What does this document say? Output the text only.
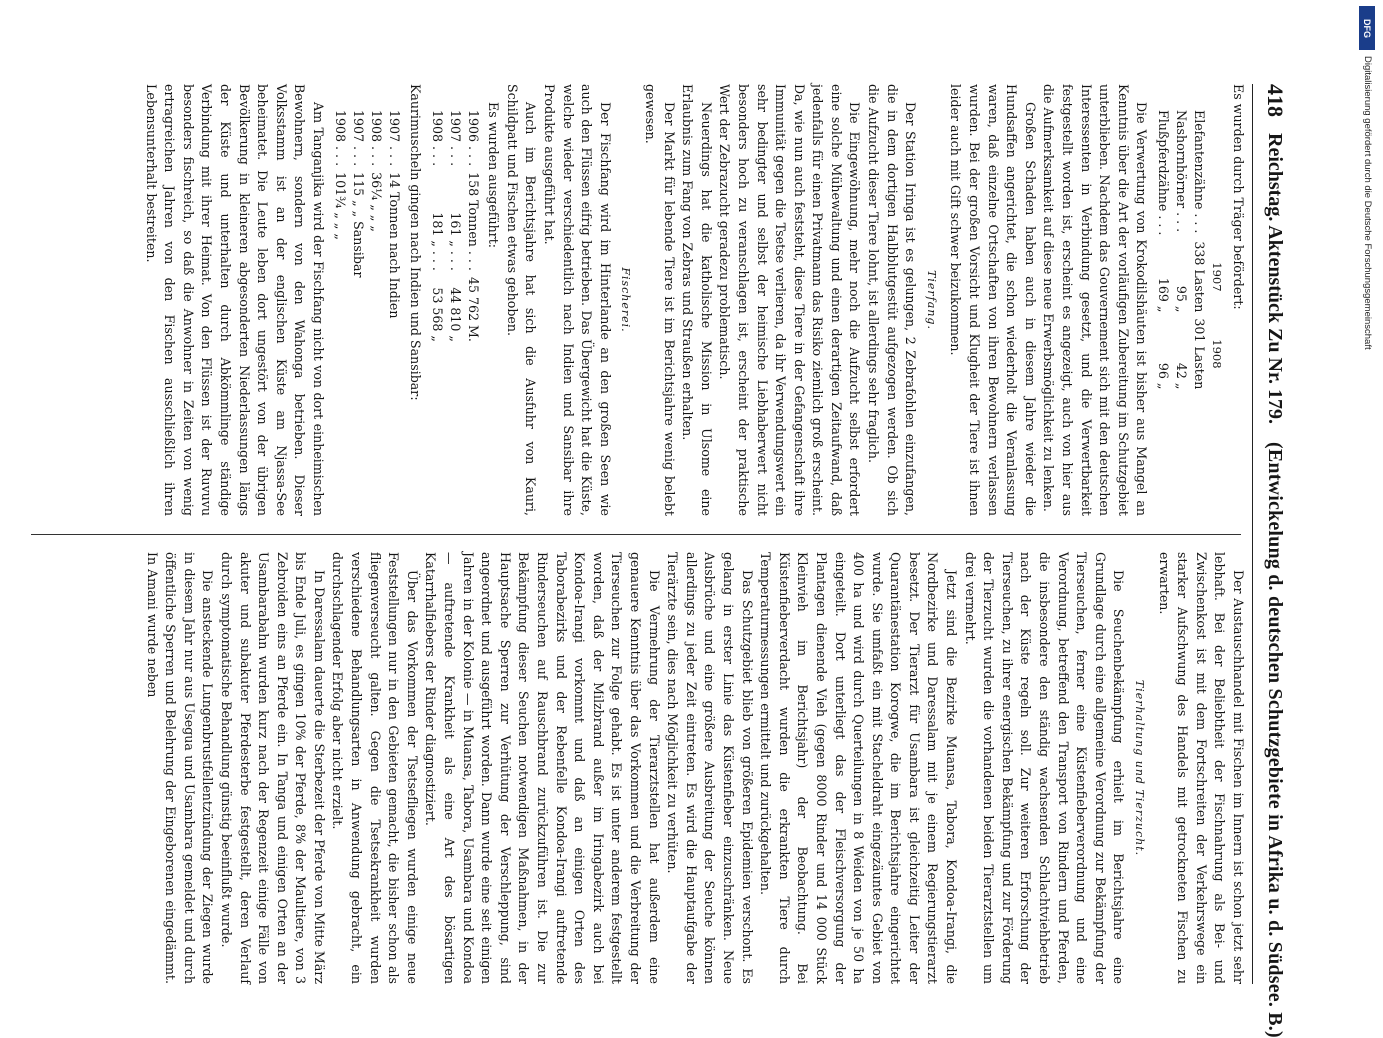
DFG
Digitalisierung gefördert durch die Deutsche Forschungsgemeinschaft
418
Reichstag. Aktenstück Zu Nr. 179.
(Entwickelung d. deutschen Schutzgebiete in Afrika u. d. Südsee. B.)

Es wurden durch Träger befördert:

	1907	1908
Elefantenzähne . . .	338 Lasten	301 Lasten
Nashornhörner . . .	95 „	42 „
Flußpferdzähne . . .	169 „	96 „

Die Verwertung von Krokodilshäuten ist bisher aus Mangel an Kenntnis über die Art der vorläufigen Zubereitung im Schutzgebiet unterblieben. Nachdem das Gouvernement sich mit den deutschen Interessenten in Verbindung gesetzt, und die Verwertbarkeit festgestellt worden ist, erscheint es angezeigt, auch von hier aus die Aufmerksamkeit auf diese neue Erwerbsmöglichkeit zu lenken.

Großen Schaden haben auch in diesem Jahre wieder die Hundsaffen angerichtet, die schon wiederholt die Veranlassung waren, daß einzelne Ortschaften von ihren Bewohnern verlassen wurden. Bei der großen Vorsicht und Klugheit der Tiere ist ihnen leider auch mit Gift schwer beizukommen.

Tierfang.

Der Station Iringa ist es gelungen, 2 Zebrafohlen einzufangen, die in dem dortigen Halbblutgestüt aufgezogen werden. Ob sich die Aufzucht dieser Tiere lohnt, ist allerdings sehr fraglich.

Die Eingewöhnung, mehr noch die Aufzucht selbst erfordert eine solche Mühewaltung und einen derartigen Zeitaufwand, daß jedenfalls für einen Privatmann das Risiko ziemlich groß erscheint. Da, wie nun auch feststeht, diese Tiere in der Gefangenschaft ihre Immunität gegen die Tsetse verlieren, da ihr Verwendungswert ein sehr bedingter und selbst der heimische Liebhaberwert nicht besonders hoch zu veranschlagen ist, erscheint der praktische Wert der Zebrazucht geradezu problematisch.

Neuerdings hat die katholische Mission in Ulsome eine Erlaubnis zum Fang von Zebras und Straußen erhalten.

Der Markt für lebende Tiere ist im Berichtsjahre wenig belebt gewesen.

Fischerei.

Der Fischfang wird im Hinterlande an den großen Seen wie auch den Flüssen eifrig betrieben. Das Übergewicht hat die Küste, welche wieder verschiedentlich nach Indien und Sansibar ihre Produkte ausgeführt hat.

Auch im Berichtsjahre hat sich die Ausfuhr von Kauri, Schildpatt und Fischen etwas gehoben.

Es wurden ausgeführt:

1906 . . .	158 Tonnen . . .	45 762 M.
1907 . . .	161 „ . . .	44 810 „
1908 . . .	181 „ . . .	53 568 „

Kaurimuscheln gingen nach Indien und Sansibar:

1907 . . .	14 Tonnen nach Indien
1908 . . .	36¼ „ „ „
1907 . . .	115 „ „ Sansibar
1908 . . .	101¾ „ „ „

Am Tanganjika wird der Fischfang nicht von dort einheimischen Bewohnern, sondern von den Wahonga betrieben. Dieser Volksstamm ist an der englischen Küste am Njassa-See beheimatet. Die Leute leben dort ungestört von der übrigen Bevölkerung in kleineren abgesonderten Niederlassungen längs der Küste und unterhalten durch Abkömmlinge ständige Verbindung mit ihrer Heimat. Von den Flüssen ist der Ruvuvu besonders fischreich, so daß die Anwohner in Zeiten von wenig ertragreichen Jahren von den Fischen ausschließlich ihren Lebensunterhalt bestreiten.

Der Austauschhandel mit Fischen im Innern ist schon jetzt sehr lebhaft. Bei der Beliebtheit der Fischnahrung als Bei- und Zwischenkost ist mit dem Fortschreiten der Verkehrswege ein starker Aufschwung des Handels mit getrockneten Fischen zu erwarten.

Tierhaltung und Tierzucht.

Die Seuchenbekämpfung erhielt im Berichtsjahre eine Grundlage durch eine allgemeine Verordnung zur Bekämpfung der Tierseuchen, ferner eine Küstenfieberverordnung und eine Verordnung, betreffend den Transport von Rindern und Pferden, die insbesondere den ständig wachsenden Schlachtviehbetrieb nach der Küste regeln soll. Zur weiteren Erforschung der Tierseuchen, zu ihrer energischen Bekämpfung und zur Förderung der Tierzucht wurden die vorhandenen beiden Tierarztstellen um drei vermehrt.

Jetzt sind die Bezirke Muansa, Tabora, Kondoa-Irangi, die Nordbezirke und Daressalam mit je einem Regierungstierarzt besetzt. Der Tierarzt für Usambara ist gleichzeitig Leiter der Quarantänestation Korogwe, die im Berichtsjahre eingerichtet wurde. Sie umfaßt ein mit Stacheldraht eingezäuntes Gebiet von 400 ha und wird durch Querteilungen in 8 Weiden von je 50 ha eingeteilt. Dort unterliegt das der Fleischversorgung der Plantagen dienende Vieh (gegen 8000 Rinder und 14 000 Stück Kleinvieh im Berichtsjahr) der Beobachtung. Bei Küstenfieberverdacht wurden die erkrankten Tiere durch Temperaturmessungen ermittelt und zurückgehalten.

Das Schutzgebiet blieb von größeren Epidemien verschont. Es gelang in erster Linie das Küstenfieber einzuschränken. Neue Ausbrüche und eine größere Ausbreitung der Seuche können allerdings zu jeder Zeit eintreten. Es wird die Hauptaufgabe der Tierärzte sein, dies nach Möglichkeit zu verhüten.

Die Vermehrung der Tierarztstellen hat außerdem eine genauere Kenntnis über das Vorkommen und die Verbreitung der Tierseuchen zur Folge gehabt. Es ist unter anderem festgestellt worden, daß der Milzbrand außer im Iringabezirk auch bei Kondoa-Irangi vorkommt und daß an einigen Orten des Taborabezirks und der Rebenfelle Kondoa-Irangi auftretende Rinderseuchen auf Rauschbrand zurückzuführen ist. Die zur Bekämpfung dieser Seuchen notwendigen Maßnahmen, in der Hauptsache Sperren zur Verhütung der Verschleppung, sind angeordnet und ausgeführt worden. Dann wurde eine seit einigen Jahren in der Kolonie — in Muansa, Tabora, Usambara und Kondoa — auftretende Krankheit als eine Art des bösartigen Katarrhalfiebers der Rinder diagnostiziert.

Über das Vorkommen der Tsetsefliegen wurden einige neue Feststellungen nur in den Gebieten gemacht, die bisher schon als fliegenverseucht galten. Gegen die Tsetsekrankheit wurden verschiedene Behandlungsarten in Anwendung gebracht, ein durchschlagender Erfolg aber nicht erzielt.

In Daressalam dauerte die Sterbezeit der Pferde von Mitte März bis Ende Juli, es gingen 10% der Pferde, 8% der Maultiere, von 3 Zebroiden eins an Pferde ein. In Tanga und einigen Orten an der Usambarabahn wurden kurz nach der Regenzeit einige Fälle von akuter und subakuter Pferdesterbe festgestellt, deren Verlauf durch symptomatische Behandlung günstig beeinflußt wurde.

Die ansteckende Lungenbrustfellentzündung der Ziegen wurde in diesem Jahr nur aus Usegua und Usambara gemeldet und durch öffentliche Sperren und Belehrung der Eingeborenen eingedämmt. In Amani wurde neben
